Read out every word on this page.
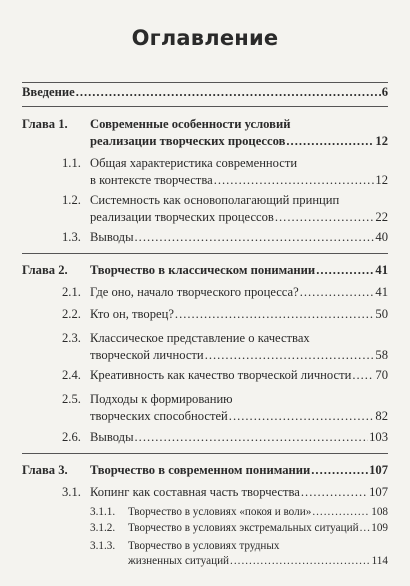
Оглавление
Введение .....	6
Глава 1. Современные особенности условий
реализации творческих процессов .....	12
1.1. Общая характеристика современности
в контексте творчества .....	12
1.2. Системность как основополагающий принцип
реализации творческих процессов .....	22
1.3. Выводы .....	40
Глава 2. Творчество в классическом понимании .....	41
2.1. Где оно, начало творческого процесса? .....	41
2.2. Кто он, творец? .....	50
2.3. Классическое представление о качествах
творческой личности .....	58
2.4. Креативность как качество творческой личности ..... 70
2.5. Подходы к формированию
творческих способностей .....	82
2.6. Выводы .....	103
Глава 3. Творчество в современном понимании .....	107
3.1. Копинг как составная часть творчества .....	107
3.1.1. Творчество в условиях «покоя и воли» .....	108
3.1.2. Творчество в условиях экстремальных ситуаций ..... 109
3.1.3. Творчество в условиях трудных
жизненных ситуаций .....	114
